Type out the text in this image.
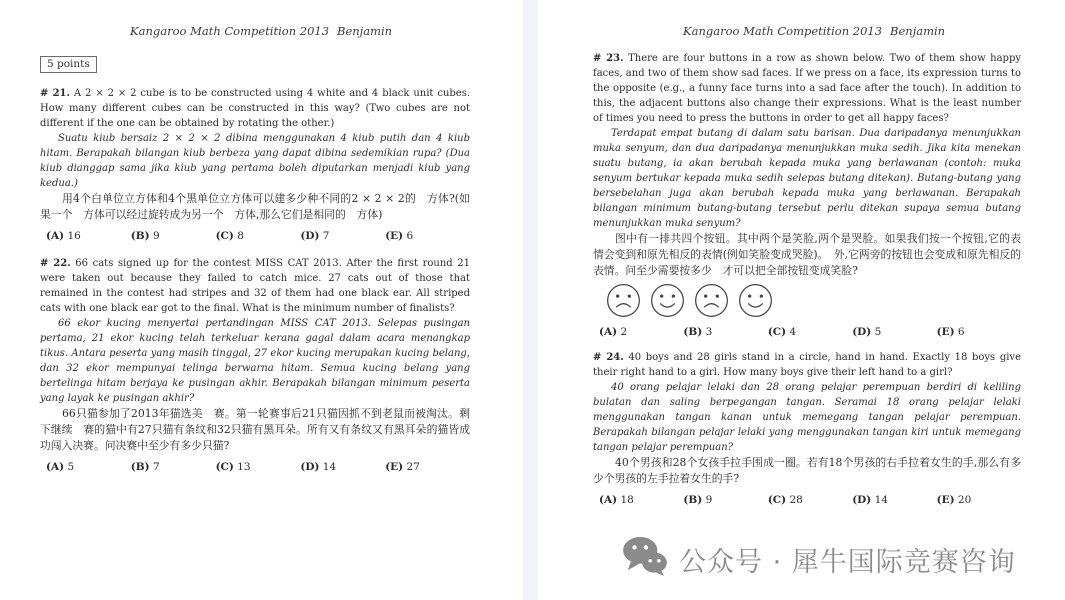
Kangaroo Math Competition 2013 Benjamin
5 points

# 21. A 2 × 2 × 2 cube is to be constructed using 4 white and 4 black unit cubes. How many different cubes can be constructed in this way? (Two cubes are not different if the one can be obtained by rotating the other.)

Suatu kiub bersaiz 2 × 2 × 2 dibina menggunakan 4 kiub putih dan 4 kiub hitam. Berapakah bilangan kiub berbeza yang dapat dibina sedemikian rupa? (Dua kiub dianggap sama jika kiub yang pertama boleh diputarkan menjadi kiub yang kedua.)

用4个白单位立方体和4个黑单位立方体可以建多少种不同的2 × 2 × 2的　方体?(如果一个　方体可以经过旋转成为另一个　方体,那么它们是相同的　方体)

(A) 16	(B) 9	(C) 8	(D) 7	(E) 6

# 22. 66 cats signed up for the contest MISS CAT 2013. After the first round 21 were taken out because they failed to catch mice. 27 cats out of those that remained in the contest had stripes and 32 of them had one black ear. All striped cats with one black ear got to the final. What is the minimum number of finalists?

66 ekor kucing menyertai pertandingan MISS CAT 2013. Selepas pusingan pertama, 21 ekor kucing telah terkeluar kerana gagal dalam acara menangkap tikus. Antara peserta yang masih tinggal, 27 ekor kucing merupakan kucing belang, dan 32 ekor mempunyai telinga berwarna hitam. Semua kucing belang yang bertelinga hitam berjaya ke pusingan akhir. Berapakah bilangan minimum peserta yang layak ke pusingan akhir?

66只猫参加了2013年猫选美　赛。第一轮赛事后21只猫因抓不到老鼠而被淘汰。剩下继续　赛的猫中有27只猫有条纹和32只猫有黑耳朵。所有又有条纹又有黑耳朵的猫皆成功闯入决赛。问决赛中至少有多少只猫?

(A) 5	(B) 7	(C) 13	(D) 14	(E) 27
Kangaroo Math Competition 2013 Benjamin

# 23. There are four buttons in a row as shown below. Two of them show happy faces, and two of them show sad faces. If we press on a face, its expression turns to the opposite (e.g., a funny face turns into a sad face after the touch). In addition to this, the adjacent buttons also change their expressions. What is the least number of times you need to press the buttons in order to get all happy faces?

Terdapat empat butang di dalam satu barisan. Dua daripadanya menunjukkan muka senyum, dan dua daripadanya menunjukkan muka sedih. Jika kita menekan suatu butang, ia akan berubah kepada muka yang berlawanan (contoh: muka senyum bertukar kepada muka sedih selepas butang ditekan). Butang-butang yang bersebelahan juga akan berubah kepada muka yang berlawanan. Berapakah bilangan minimum butang-butang tersebut perlu ditekan supaya semua butang menunjukkan muka senyum?

图中有一排共四个按钮。其中两个是笑脸,两个是哭脸。如果我们按一个按钮,它的表情会变到和原先相反的表情(例如笑脸变成哭脸)。　外,它两旁的按钮也会变成和原先相反的表情。问至少需要按多少　才可以把全部按钮变成笑脸?

(A) 2	(B) 3	(C) 4	(D) 5	(E) 6

# 24. 40 boys and 28 girls stand in a circle, hand in hand. Exactly 18 boys give their right hand to a girl. How many boys give their left hand to a girl?

40 orang pelajar lelaki dan 28 orang pelajar perempuan berdiri di keliling bulatan dan saling berpegangan tangan. Seramai 18 orang pelajar lelaki menggunakan tangan kanan untuk memegang tangan pelajar perempuan. Berapakah bilangan pelajar lelaki yang menggunakan tangan kiri untuk memegang tangan pelajar perempuan?

40个男孩和28个女孩手拉手围成一圈。若有18个男孩的右手拉着女生的手,那么有多少个男孩的左手拉着女生的手?

(A) 18	(B) 9	(C) 28	(D) 14	(E) 20
公众号 · 犀牛国际竞赛咨询
